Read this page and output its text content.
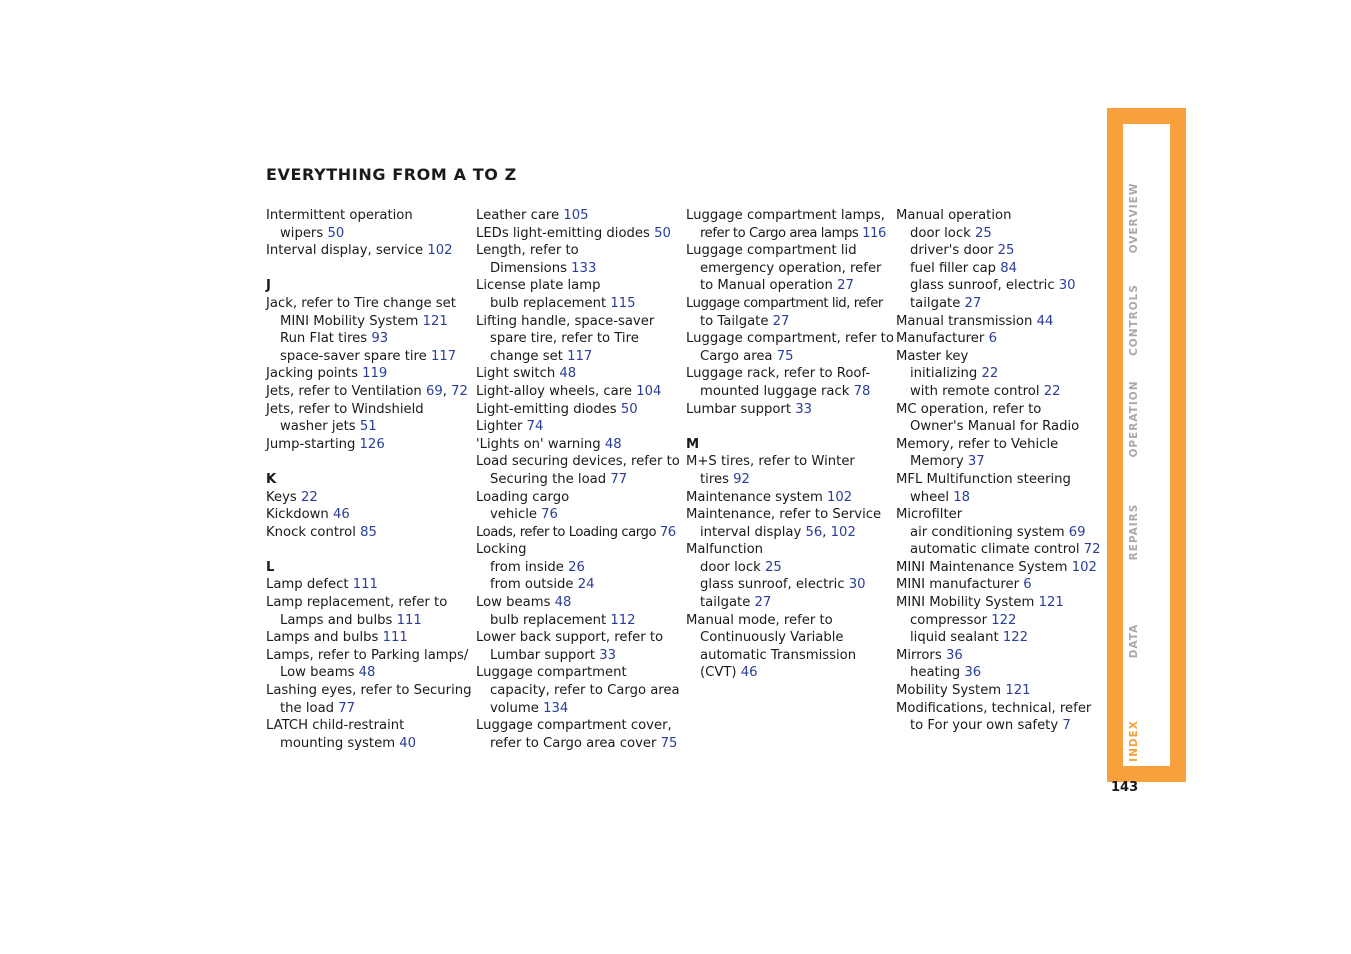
EVERYTHING FROM A TO Z
Intermittent operation
wipers 50
Interval display, service 102
J
Jack, refer to Tire change set
MINI Mobility System 121
Run Flat tires 93
space-saver spare tire 117
Jacking points 119
Jets, refer to Ventilation 69, 72
Jets, refer to Windshield
washer jets 51
Jump-starting 126
K
Keys 22
Kickdown 46
Knock control 85
L
Lamp defect 111
Lamp replacement, refer to
Lamps and bulbs 111
Lamps and bulbs 111
Lamps, refer to Parking lamps/
Low beams 48
Lashing eyes, refer to Securing
the load 77
LATCH child-restraint
mounting system 40
Leather care 105
LEDs light-emitting diodes 50
Length, refer to
Dimensions 133
License plate lamp
bulb replacement 115
Lifting handle, space-saver
spare tire, refer to Tire
change set 117
Light switch 48
Light-alloy wheels, care 104
Light-emitting diodes 50
Lighter 74
'Lights on' warning 48
Load securing devices, refer to
Securing the load 77
Loading cargo
vehicle 76
Loads, refer to Loading cargo 76
Locking
from inside 26
from outside 24
Low beams 48
bulb replacement 112
Lower back support, refer to
Lumbar support 33
Luggage compartment
capacity, refer to Cargo area
volume 134
Luggage compartment cover,
refer to Cargo area cover 75
Luggage compartment lamps,
refer to Cargo area lamps 116
Luggage compartment lid
emergency operation, refer
to Manual operation 27
Luggage compartment lid, refer
to Tailgate 27
Luggage compartment, refer to
Cargo area 75
Luggage rack, refer to Roof-
mounted luggage rack 78
Lumbar support 33
M
M+S tires, refer to Winter
tires 92
Maintenance system 102
Maintenance, refer to Service
interval display 56, 102
Malfunction
door lock 25
glass sunroof, electric 30
tailgate 27
Manual mode, refer to
Continuously Variable
automatic Transmission
(CVT) 46
Manual operation
door lock 25
driver's door 25
fuel filler cap 84
glass sunroof, electric 30
tailgate 27
Manual transmission 44
Manufacturer 6
Master key
initializing 22
with remote control 22
MC operation, refer to
Owner's Manual for Radio
Memory, refer to Vehicle
Memory 37
MFL Multifunction steering
wheel 18
Microfilter
air conditioning system 69
automatic climate control 72
MINI Maintenance System 102
MINI manufacturer 6
MINI Mobility System 121
compressor 122
liquid sealant 122
Mirrors 36
heating 36
Mobility System 121
Modifications, technical, refer
to For your own safety 7
OVERVIEW
CONTROLS
OPERATION
REPAIRS
DATA
INDEX
143
